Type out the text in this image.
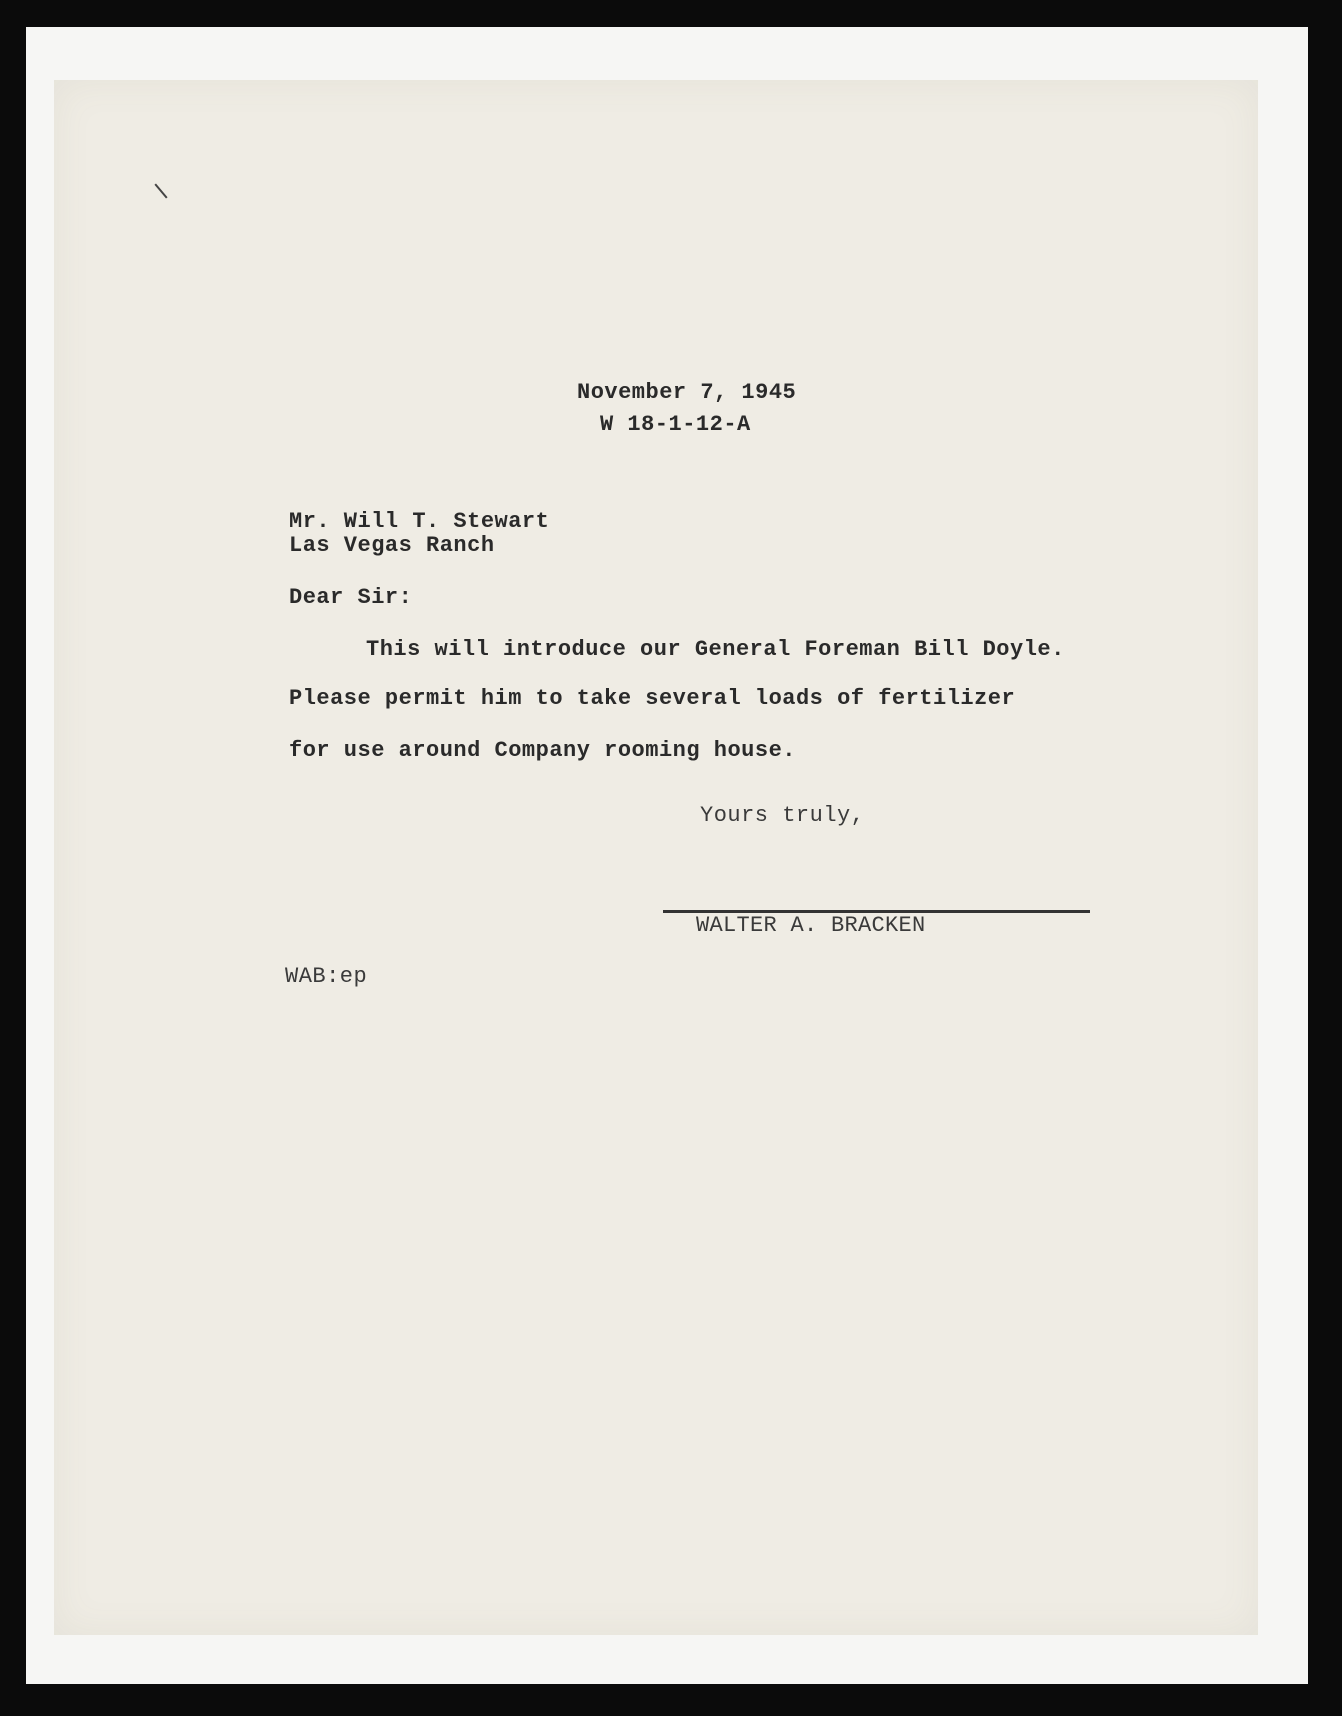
November 7, 1945
W 18-1-12-A
Mr. Will T. Stewart
Las Vegas Ranch
Dear Sir:
This will introduce our General Foreman Bill Doyle.
Please permit him to take several loads of fertilizer
for use around Company rooming house.
Yours truly,
WALTER A. BRACKEN
WAB:ep
